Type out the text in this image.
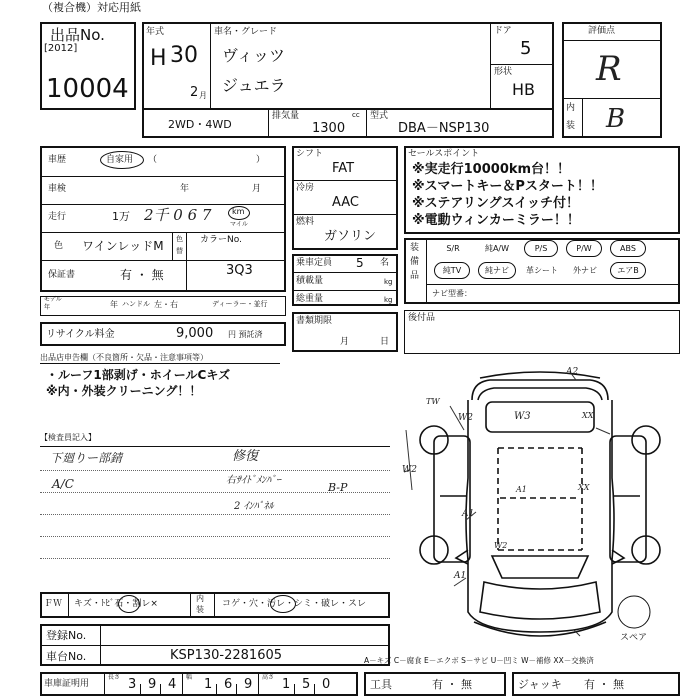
（複合機）対応用紙
出品No.
[2012]
10004
年式
H 30
2 月
車名・グレード
ヴィッツ
ジュエラ
ドア
5
形状
HB
2WD・4WD
排気量	cc
1300
型式
DBA－NSP130
評価点
R
内
装 B
車歴	自家用 （	）
車検	年	月
走行	1万 2千 0 6 7	km
マイル
色 ワインレッドM 色
替
カラーNo.
3Q3
保証書	有 ・ 無
モデル
年	年 ハンドル 左・右	ディーラー・並行
リサイクル料金	9,000 円 預託済
シフト
FAT
冷房
AAC
燃料
ガソリン
乗車定員 5 名
積載量	kg
総重量	kg
書類期限
月	日
セールスポイント
※実走行10000km台！！
※スマートキー＆Pスタート！！
※ステアリングスイッチ付！
※電動ウィンカーミラー！！
装
備
品
S/R	純A/W	P/S	P/W	ABS
純TV	純ナビ	革シート	外ナビ	エアB
ナビ型番：
後付品
出品店申告欄（不良箇所・欠品・注意事項等）
・ルーフ1部剥げ・ホイールCキズ
※内・外装クリーニング！！
【検査員記入】
下廻りー部錆
A/C
修復
右ｻｲﾄﾞﾒﾝﾊﾞｰ
B-P
2 ｲﾝﾊﾟﾈﾙ
ＦＷ キズ・ﾄﾋﾞ石・割レ×
内
装
コゲ・穴・汚レ・シミ・破レ・スレ
登録No.
車台No.	KSP130-2281605
車庫証明用
長さ 3 9 4 幅 1 6 9 高さ 1 5 0	工具	有 ・ 無	ジャッキ 有 ・ 無
A2
TW
W2	W3	XX
W2
XX
A1
A1
W2
A1
スペア
A－キズ C－腐食 E－エクボ S－サビ U－凹ミ W－補修 XX－交換済
